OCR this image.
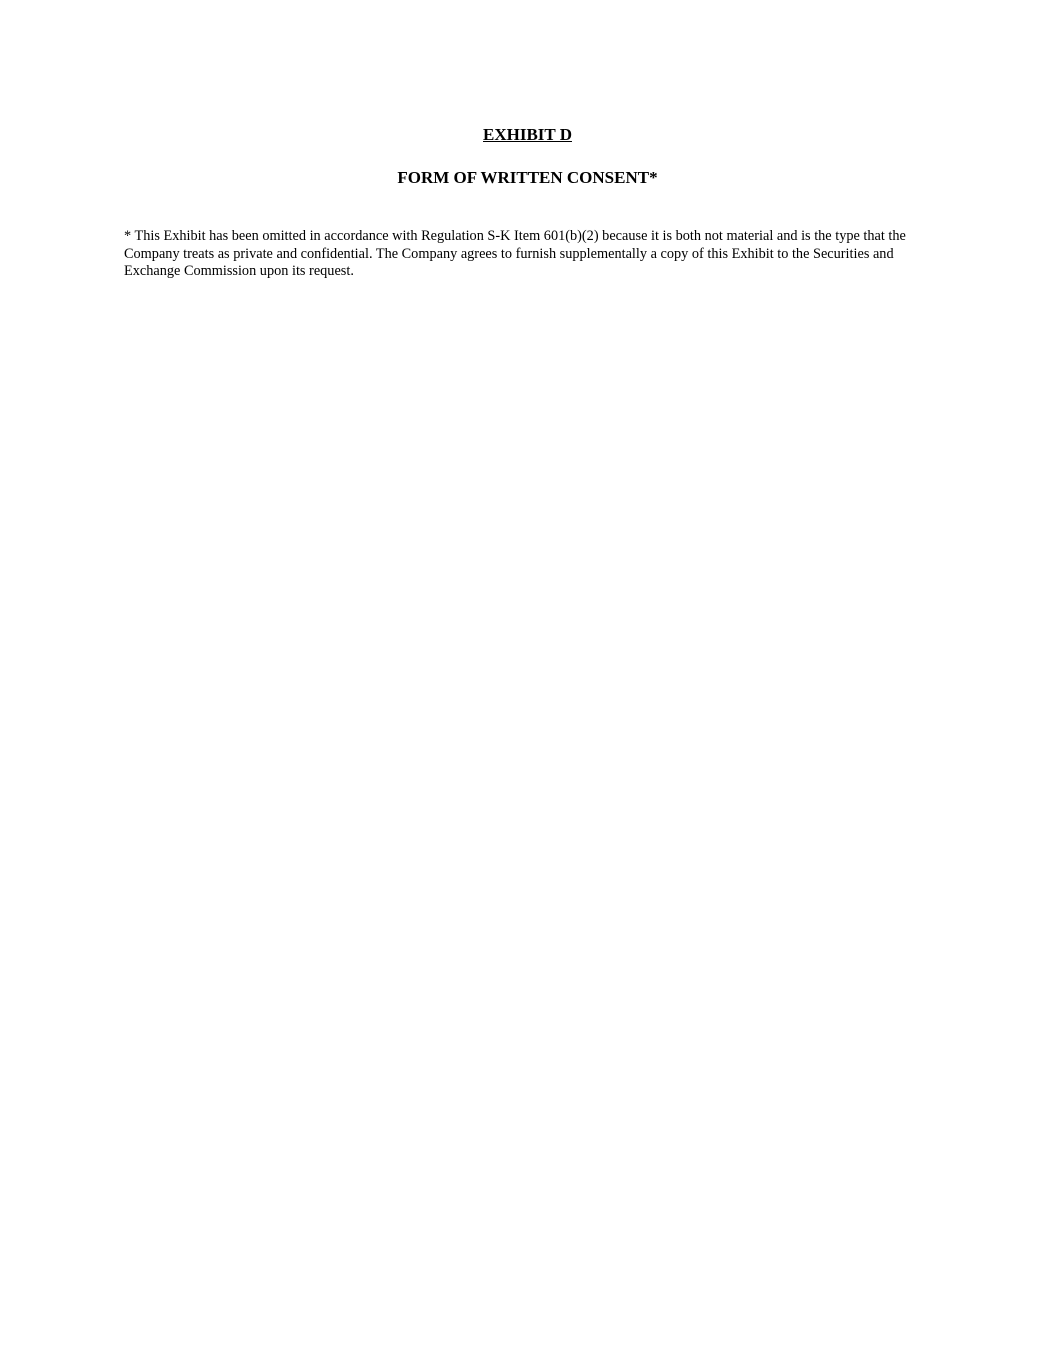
EXHIBIT D
FORM OF WRITTEN CONSENT*

* This Exhibit has been omitted in accordance with Regulation S-K Item 601(b)(2) because it is both not material and is the type that the Company treats as private and confidential. The Company agrees to furnish supplementally a copy of this Exhibit to the Securities and Exchange Commission upon its request.
